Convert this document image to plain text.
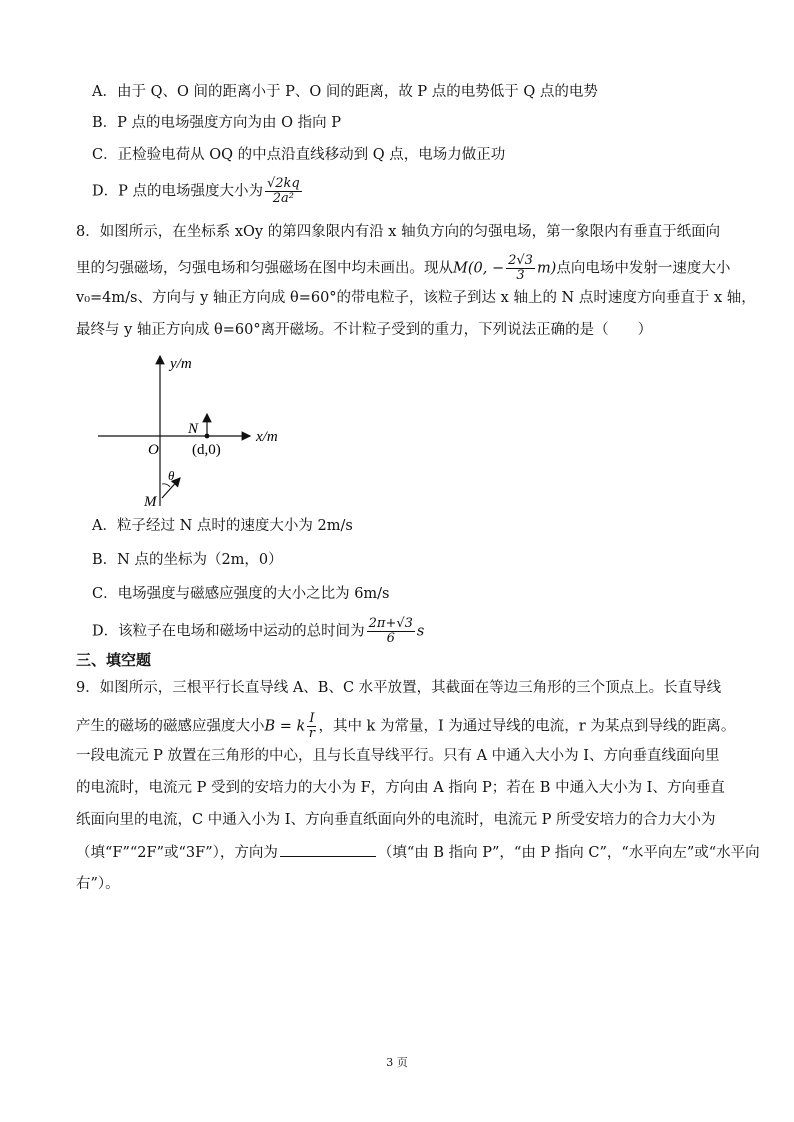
A．由于 Q、O 间的距离小于 P、O 间的距离，故 P 点的电势低于 Q 点的电势
B．P 点的电场强度方向为由 O 指向 P
C．正检验电荷从 OQ 的中点沿直线移动到 Q 点，电场力做正功
D．P 点的电场强度大小为 $\frac{√2kq}{\text{2a²}}$
8．如图所示，在坐标系 xOy 的第四象限内有沿 x 轴负方向的匀强电场，第一象限内有垂直于纸面向
里的匀强磁场，匀强电场和匀强磁场在图中均未画出。现从M(0, − $\frac{2√3}{3} m$)点向电场中发射一速度大小
v₀=4m/s、方向与 y 轴正方向成 θ=60°的带电粒子，该粒子到达 x 轴上的 N 点时速度方向垂直于 x 轴，
最终与 y 轴正方向成 θ=60°离开磁场。不计粒子受到的重力，下列说法正确的是（　　）
y/m
x/m
O
N
(d,0)
θ
M
A．粒子经过 N 点时的速度大小为 2m/s
B．N 点的坐标为（2m，0）
C．电场强度与磁感应强度的大小之比为 6m/s
D．该粒子在电场和磁场中运动的总时间为 $\frac{2\pi+√3}{6}$ s
三、填空题
9．如图所示，三根平行长直导线 A、B、C 水平放置，其截面在等边三角形的三个顶点上。长直导线
产生的磁场的磁感应强度大小B = k $\frac{I}{r}$ ，其中 k 为常量，I 为通过导线的电流，r 为某点到导线的距离。
一段电流元 P 放置在三角形的中心，且与长直导线平行。只有 A 中通入大小为 I、方向垂直线面向里
的电流时，电流元 P 受到的安培力的大小为 F，方向由 A 指向 P；若在 B 中通入大小为 I、方向垂直
纸面向里的电流，C 中通入小为 I、方向垂直纸面向外的电流时，电流元 P 所受安培力的合力大小为
（填“F”“2F”或“3F”），方向为	（填“由 B 指向 P”，“由 P 指向 C”，“水平向左”或“水平向
右”）。
3 页
